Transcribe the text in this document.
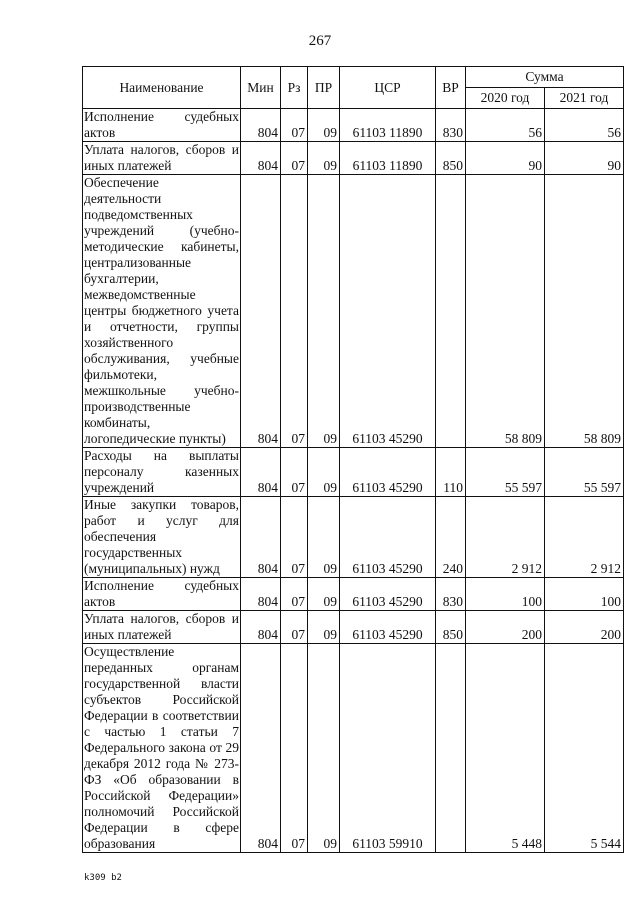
267
Наименование	Мин	Рз	ПР	ЦСР	ВР	Сумма	
						2020 год	2021 год
Исполнение судебных актов	804	07	09	61103 11890	830	56	56
Уплата налогов, сборов и иных платежей	804	07	09	61103 11890	850	90	90
Обеспечение деятельности подведомственных учреждений (учебно-методические кабинеты, централизованные бухгалтерии, межведомственные центры бюджетного учета и отчетности, группы хозяйственного обслуживания, учебные фильмотеки, межшкольные учебно-производственные комбинаты, логопедические пункты)	804	07	09	61103 45290		58 809	58 809
Расходы на выплаты персоналу казенных учреждений	804	07	09	61103 45290	110	55 597	55 597
Иные закупки товаров, работ и услуг для обеспечения государственных (муниципальных) нужд	804	07	09	61103 45290	240	2 912	2 912
Исполнение судебных актов	804	07	09	61103 45290	830	100	100
Уплата налогов, сборов и иных платежей	804	07	09	61103 45290	850	200	200
Осуществление переданных органам государственной власти субъектов Российской Федерации в соответствии с частью 1 статьи 7 Федерального закона от 29 декабря 2012 года № 273-ФЗ «Об образовании в Российской Федерации» полномочий Российской Федерации в сфере образования	804	07	09	61103 59910		5 448	5 544
k309 b2
